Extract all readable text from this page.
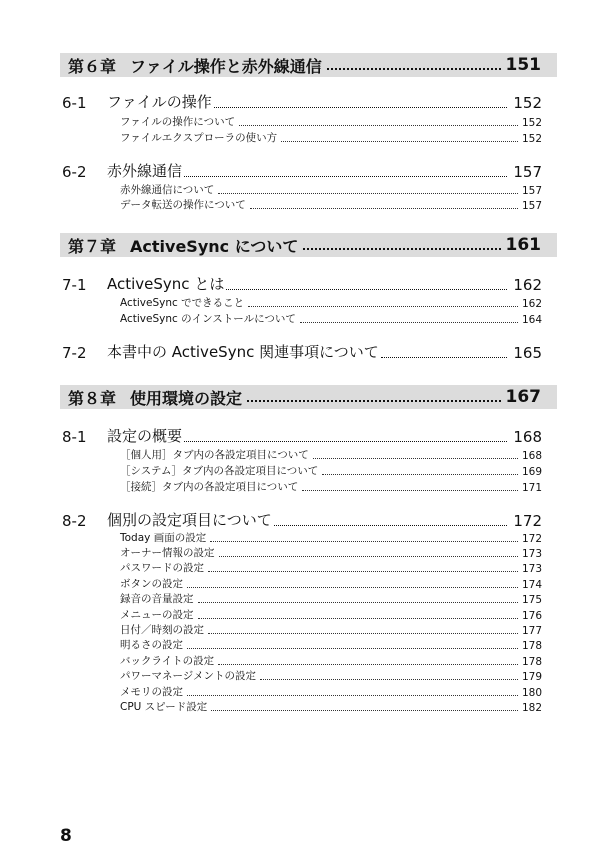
第６章 ファイル操作と赤外線通信	151
6-1	ファイルの操作	152
ファイルの操作について	152
ファイルエクスプローラの使い方	152
6-2	赤外線通信	157
赤外線通信について	157
データ転送の操作について	157
第７章 ActiveSync について	161
7-1	ActiveSync とは	162
ActiveSync でできること	162
ActiveSync のインストールについて	164
7-2	本書中の ActiveSync 関連事項について	165
第８章 使用環境の設定	167
8-1	設定の概要	168
［個人用］タブ内の各設定項目について	168
［システム］タブ内の各設定項目について	169
［接続］タブ内の各設定項目について	171
8-2	個別の設定項目について	172
Today 画面の設定	172
オーナー情報の設定	173
パスワードの設定	173
ボタンの設定	174
録音の音量設定	175
メニューの設定	176
日付／時刻の設定	177
明るさの設定	178
バックライトの設定	178
パワーマネージメントの設定	179
メモリの設定	180
CPU スピード設定	182
8
